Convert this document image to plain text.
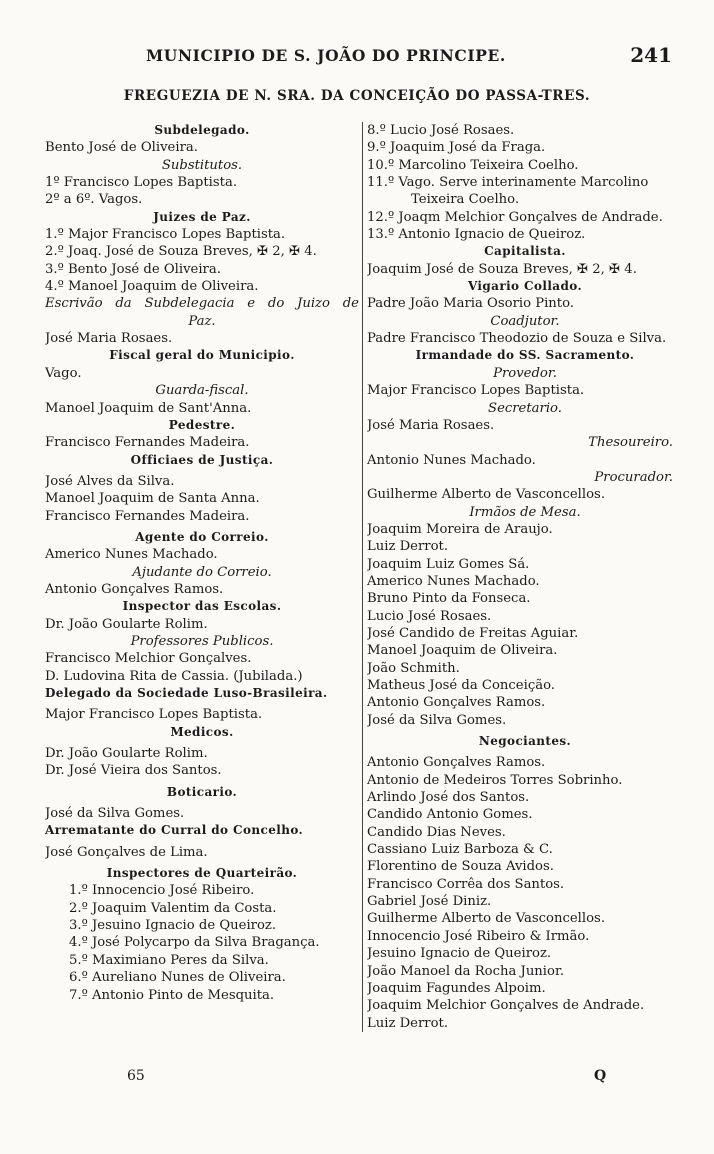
MUNICIPIO DE S. JOÃO DO PRINCIPE.	241
FREGUEZIA DE N. SRA. DA CONCEIÇÃO DO PASSA-TRES.
Subdelegado.
Bento José de Oliveira.
Substitutos.
1º Francisco Lopes Baptista.
2º a 6º. Vagos.
Juizes de Paz.
1.º Major Francisco Lopes Baptista.
2.º Joaq. José de Souza Breves, ✠ 2, ✠ 4.
3.º Bento José de Oliveira.
4.º Manoel Joaquim de Oliveira.
Escrivão da Subdelegacia e do Juizo de
Paz.
José Maria Rosaes.
Fiscal geral do Municipio.
Vago.
Guarda-fiscal.
Manoel Joaquim de Sant'Anna.
Pedestre.
Francisco Fernandes Madeira.
Officiaes de Justiça.
José Alves da Silva.
Manoel Joaquim de Santa Anna.
Francisco Fernandes Madeira.
Agente do Correio.
Americo Nunes Machado.
Ajudante do Correio.
Antonio Gonçalves Ramos.
Inspector das Escolas.
Dr. João Goularte Rolim.
Professores Publicos.
Francisco Melchior Gonçalves.
D. Ludovina Rita de Cassia. (Jubilada.)
Delegado da Sociedade Luso-Brasileira.
Major Francisco Lopes Baptista.
Medicos.
Dr. João Goularte Rolim.
Dr. José Vieira dos Santos.
Boticario.
José da Silva Gomes.
Arrematante do Curral do Concelho.
José Gonçalves de Lima.
Inspectores de Quarteirão.
1.º Innocencio José Ribeiro.
2.º Joaquim Valentim da Costa.
3.º Jesuino Ignacio de Queiroz.
4.º José Polycarpo da Silva Bragança.
5.º Maximiano Peres da Silva.
6.º Aureliano Nunes de Oliveira.
7.º Antonio Pinto de Mesquita.
8.º Lucio José Rosaes.
9.º Joaquim José da Fraga.
10.º Marcolino Teixeira Coelho.
11.º Vago. Serve interinamente Marcolino
Teixeira Coelho.
12.º Joaqm Melchior Gonçalves de Andrade.
13.º Antonio Ignacio de Queiroz.
Capitalista.
Joaquim José de Souza Breves, ✠ 2, ✠ 4.
Vigario Collado.
Padre João Maria Osorio Pinto.
Coadjutor.
Padre Francisco Theodozio de Souza e Silva.
Irmandade do SS. Sacramento.
Provedor.
Major Francisco Lopes Baptista.
Secretario.
José Maria Rosaes.
Thesoureiro.
Antonio Nunes Machado.
Procurador.
Guilherme Alberto de Vasconcellos.
Irmãos de Mesa.
Joaquim Moreira de Araujo.
Luiz Derrot.
Joaquim Luiz Gomes Sá.
Americo Nunes Machado.
Bruno Pinto da Fonseca.
Lucio José Rosaes.
José Candido de Freitas Aguiar.
Manoel Joaquim de Oliveira.
João Schmith.
Matheus José da Conceição.
Antonio Gonçalves Ramos.
José da Silva Gomes.
Negociantes.
Antonio Gonçalves Ramos.
Antonio de Medeiros Torres Sobrinho.
Arlindo José dos Santos.
Candido Antonio Gomes.
Candido Dias Neves.
Cassiano Luiz Barboza & C.
Florentino de Souza Avidos.
Francisco Corrêa dos Santos.
Gabriel José Diniz.
Guilherme Alberto de Vasconcellos.
Innocencio José Ribeiro & Irmão.
Jesuino Ignacio de Queiroz.
João Manoel da Rocha Junior.
Joaquim Fagundes Alpoim.
Joaquim Melchior Gonçalves de Andrade.
Luiz Derrot.
65	Q
